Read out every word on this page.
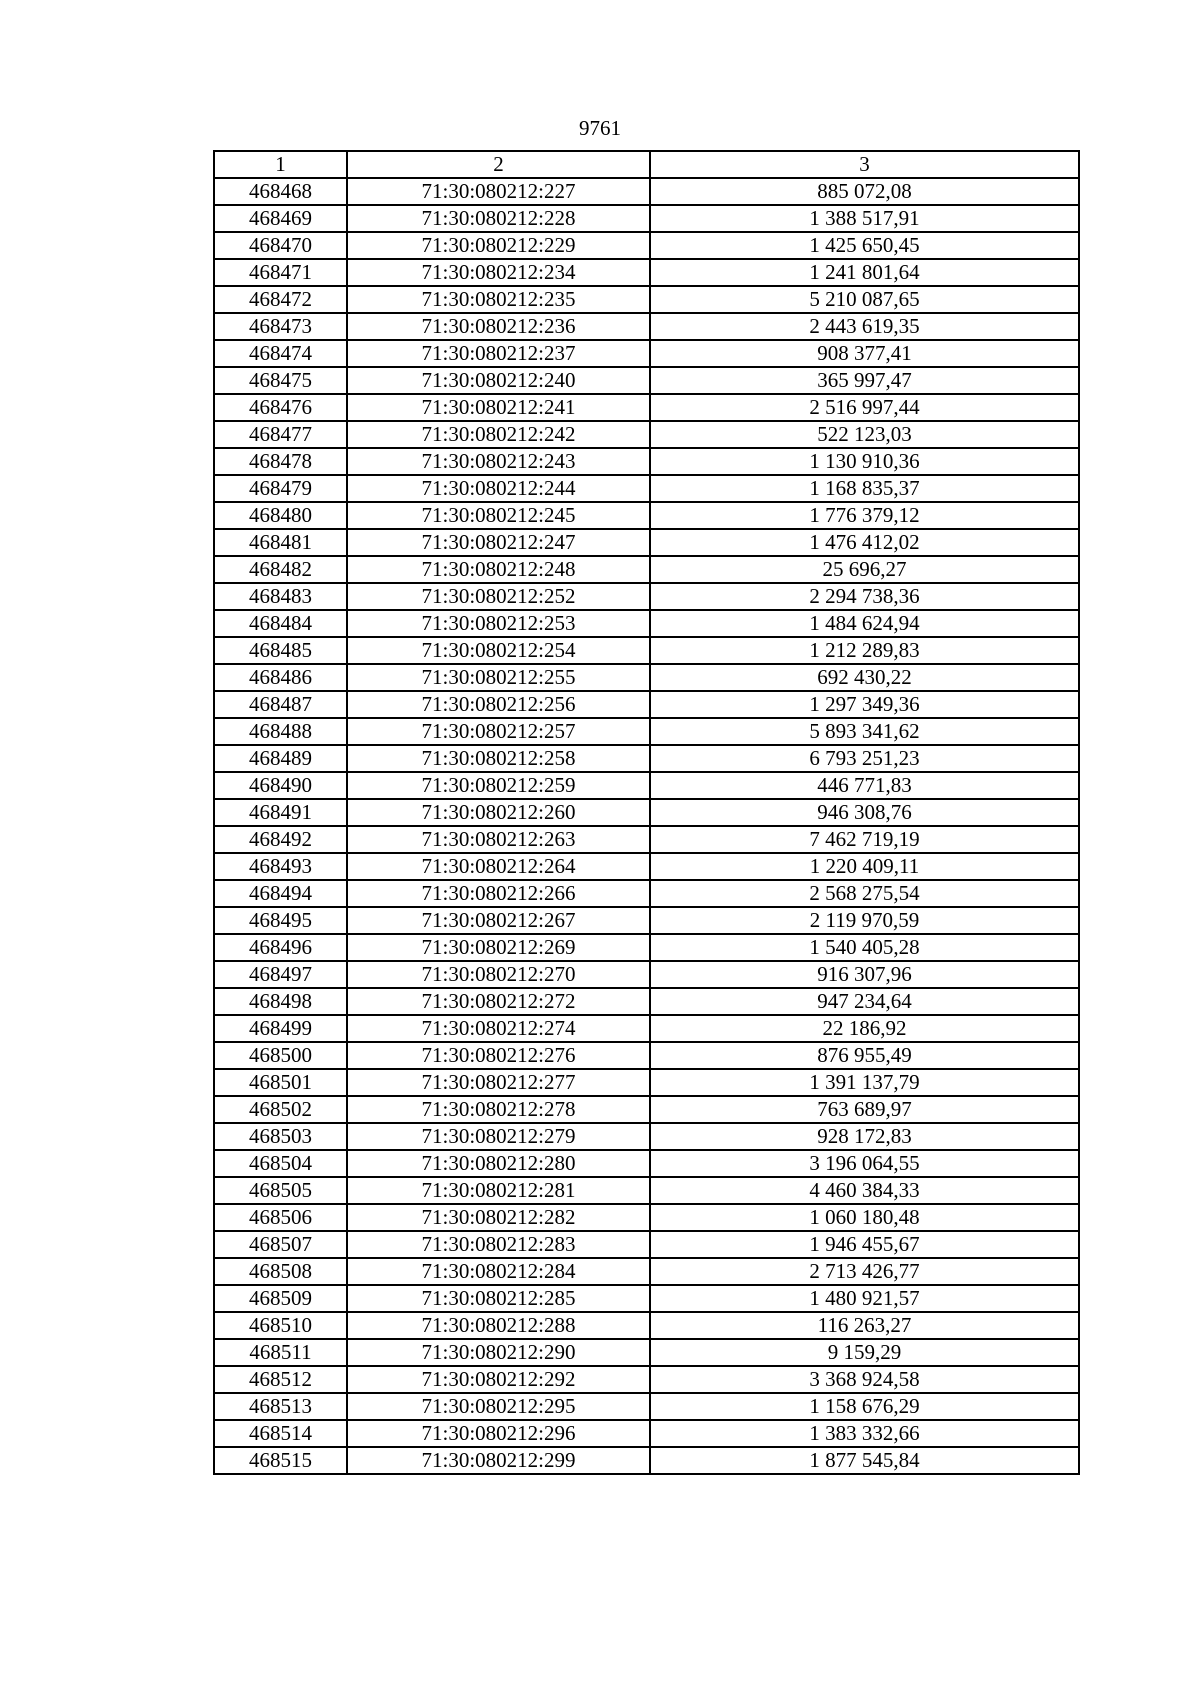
9761
1	2	3
468468	71:30:080212:227	885 072,08
468469	71:30:080212:228	1 388 517,91
468470	71:30:080212:229	1 425 650,45
468471	71:30:080212:234	1 241 801,64
468472	71:30:080212:235	5 210 087,65
468473	71:30:080212:236	2 443 619,35
468474	71:30:080212:237	908 377,41
468475	71:30:080212:240	365 997,47
468476	71:30:080212:241	2 516 997,44
468477	71:30:080212:242	522 123,03
468478	71:30:080212:243	1 130 910,36
468479	71:30:080212:244	1 168 835,37
468480	71:30:080212:245	1 776 379,12
468481	71:30:080212:247	1 476 412,02
468482	71:30:080212:248	25 696,27
468483	71:30:080212:252	2 294 738,36
468484	71:30:080212:253	1 484 624,94
468485	71:30:080212:254	1 212 289,83
468486	71:30:080212:255	692 430,22
468487	71:30:080212:256	1 297 349,36
468488	71:30:080212:257	5 893 341,62
468489	71:30:080212:258	6 793 251,23
468490	71:30:080212:259	446 771,83
468491	71:30:080212:260	946 308,76
468492	71:30:080212:263	7 462 719,19
468493	71:30:080212:264	1 220 409,11
468494	71:30:080212:266	2 568 275,54
468495	71:30:080212:267	2 119 970,59
468496	71:30:080212:269	1 540 405,28
468497	71:30:080212:270	916 307,96
468498	71:30:080212:272	947 234,64
468499	71:30:080212:274	22 186,92
468500	71:30:080212:276	876 955,49
468501	71:30:080212:277	1 391 137,79
468502	71:30:080212:278	763 689,97
468503	71:30:080212:279	928 172,83
468504	71:30:080212:280	3 196 064,55
468505	71:30:080212:281	4 460 384,33
468506	71:30:080212:282	1 060 180,48
468507	71:30:080212:283	1 946 455,67
468508	71:30:080212:284	2 713 426,77
468509	71:30:080212:285	1 480 921,57
468510	71:30:080212:288	116 263,27
468511	71:30:080212:290	9 159,29
468512	71:30:080212:292	3 368 924,58
468513	71:30:080212:295	1 158 676,29
468514	71:30:080212:296	1 383 332,66
468515	71:30:080212:299	1 877 545,84
